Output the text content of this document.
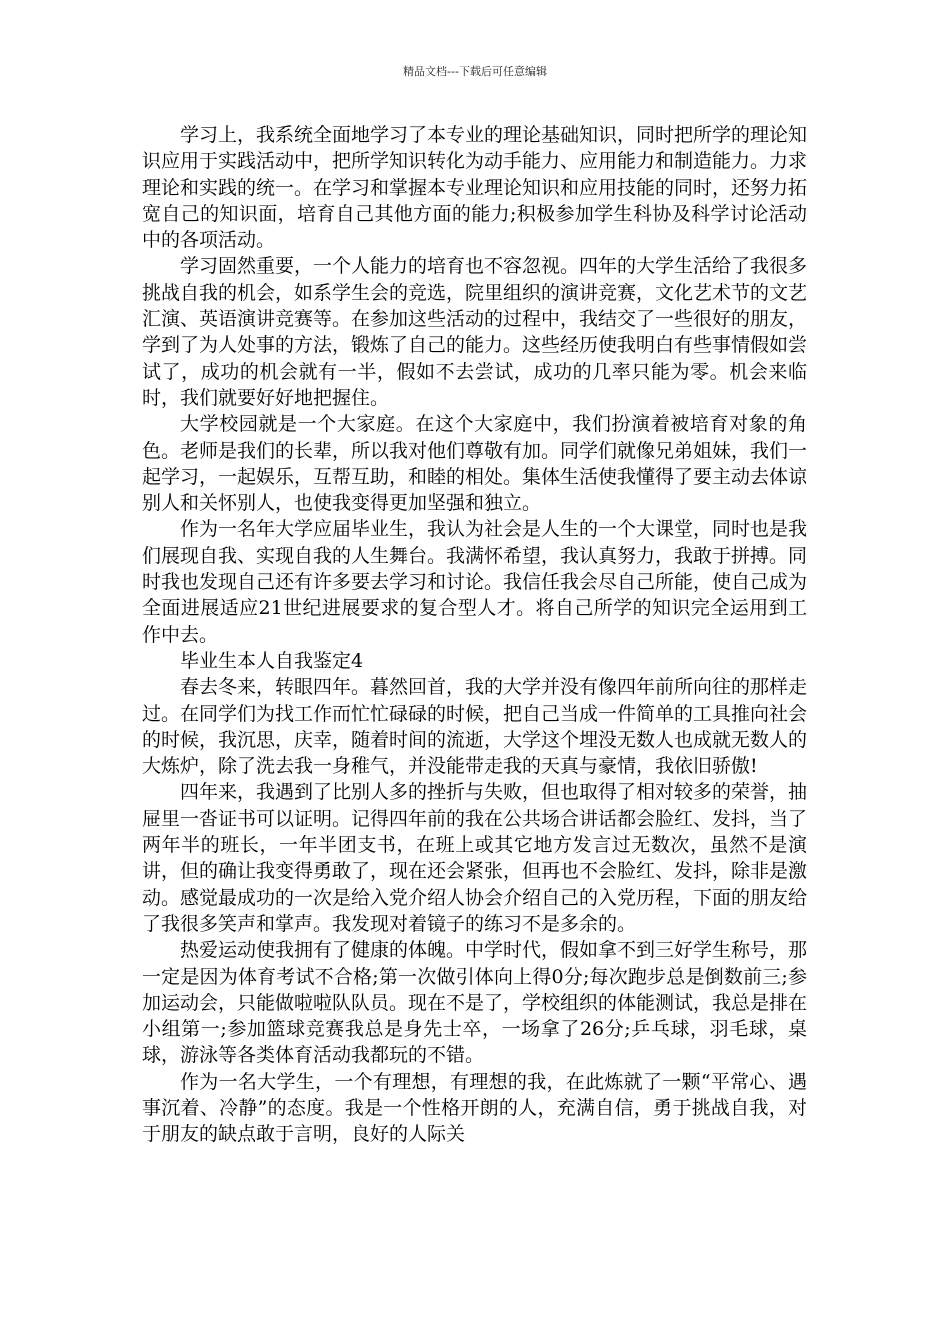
精品文档---下载后可任意编辑

学习上，我系统全面地学习了本专业的理论基础知识，同时把所学的理论知识应用于实践活动中，把所学知识转化为动手能力、应用能力和制造能力。力求理论和实践的统一。在学习和掌握本专业理论知识和应用技能的同时，还努力拓宽自己的知识面，培育自己其他方面的能力;积极参加学生科协及科学讨论活动中的各项活动。

学习固然重要，一个人能力的培育也不容忽视。四年的大学生活给了我很多挑战自我的机会，如系学生会的竞选，院里组织的演讲竞赛，文化艺术节的文艺汇演、英语演讲竞赛等。在参加这些活动的过程中，我结交了一些很好的朋友，学到了为人处事的方法，锻炼了自己的能力。这些经历使我明白有些事情假如尝试了，成功的机会就有一半，假如不去尝试，成功的几率只能为零。机会来临时，我们就要好好地把握住。

大学校园就是一个大家庭。在这个大家庭中，我们扮演着被培育对象的角色。老师是我们的长辈，所以我对他们尊敬有加。同学们就像兄弟姐妹，我们一起学习，一起娱乐，互帮互助，和睦的相处。集体生活使我懂得了要主动去体谅别人和关怀别人，也使我变得更加坚强和独立。

作为一名年大学应届毕业生，我认为社会是人生的一个大课堂，同时也是我们展现自我、实现自我的人生舞台。我满怀希望，我认真努力，我敢于拼搏。同时我也发现自己还有许多要去学习和讨论。我信任我会尽自己所能，使自己成为全面进展适应21世纪进展要求的复合型人才。将自己所学的知识完全运用到工作中去。

毕业生本人自我鉴定4

春去冬来，转眼四年。暮然回首，我的大学并没有像四年前所向往的那样走过。在同学们为找工作而忙忙碌碌的时候，把自己当成一件简单的工具推向社会的时候，我沉思，庆幸，随着时间的流逝，大学这个埋没无数人也成就无数人的大炼炉，除了洗去我一身稚气，并没能带走我的天真与豪情，我依旧骄傲!

四年来，我遇到了比别人多的挫折与失败，但也取得了相对较多的荣誉，抽屉里一沓证书可以证明。记得四年前的我在公共场合讲话都会脸红、发抖，当了两年半的班长，一年半团支书，在班上或其它地方发言过无数次，虽然不是演讲，但的确让我变得勇敢了，现在还会紧张，但再也不会脸红、发抖，除非是激动。感觉最成功的一次是给入党介绍人协会介绍自己的入党历程，下面的朋友给了我很多笑声和掌声。我发现对着镜子的练习不是多余的。

热爱运动使我拥有了健康的体魄。中学时代，假如拿不到三好学生称号，那一定是因为体育考试不合格;第一次做引体向上得0分;每次跑步总是倒数前三;参加运动会，只能做啦啦队队员。现在不是了，学校组织的体能测试，我总是排在小组第一;参加篮球竞赛我总是身先士卒，一场拿了26分;乒乓球，羽毛球，桌球，游泳等各类体育活动我都玩的不错。

作为一名大学生，一个有理想，有理想的我，在此炼就了一颗“平常心、遇事沉着、冷静”的态度。我是一个性格开朗的人，充满自信，勇于挑战自我，对于朋友的缺点敢于言明，良好的人际关
